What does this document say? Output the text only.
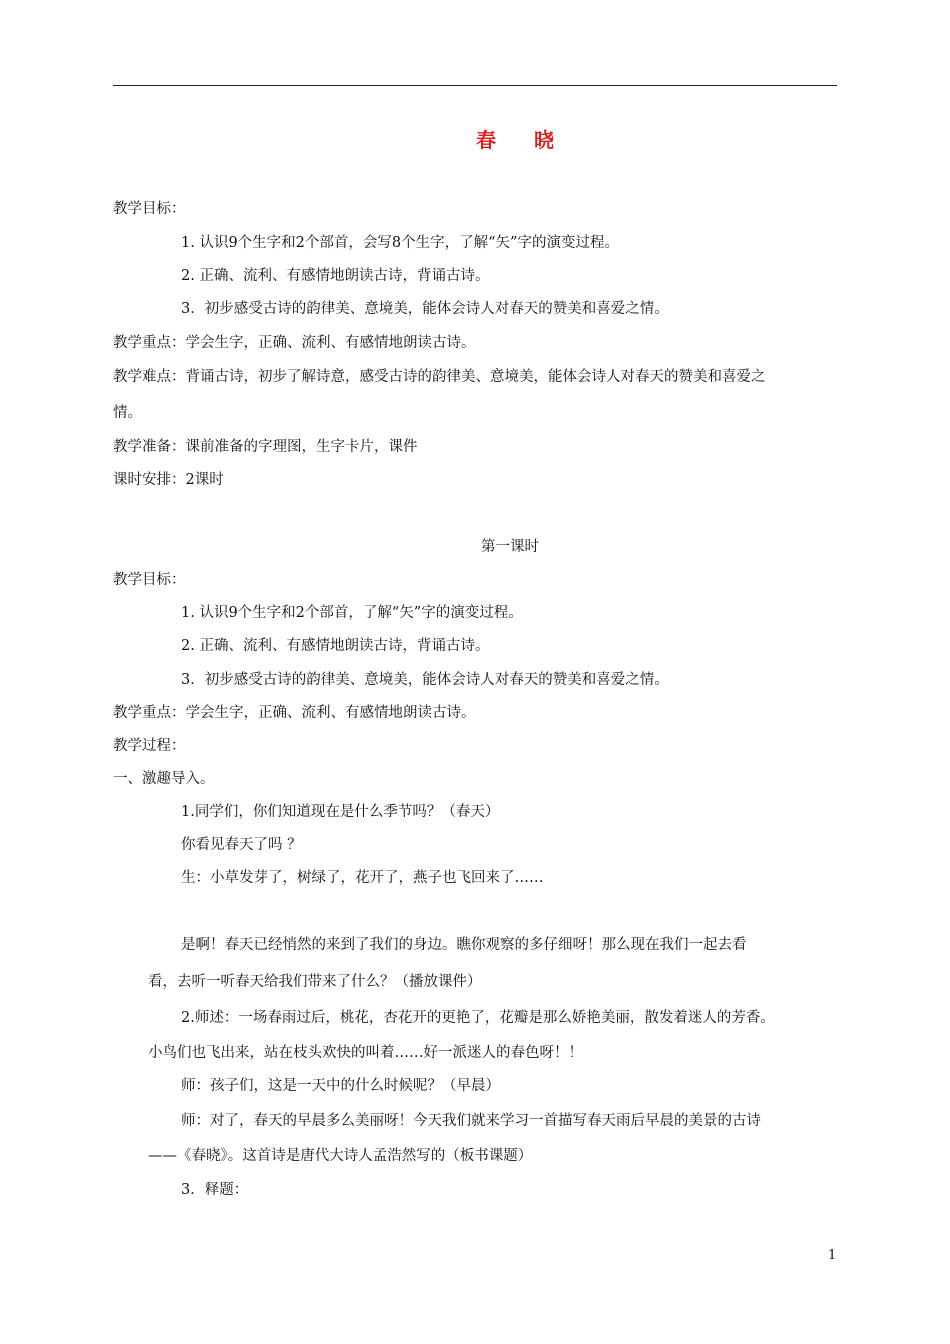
春 晓
教学目标：
1. 认识9个生字和2个部首，会写8个生字，了解“矢”字的演变过程。
2. 正确、流利、有感情地朗读古诗，背诵古诗。
3．初步感受古诗的韵律美、意境美，能体会诗人对春天的赞美和喜爱之情。
教学重点：学会生字，正确、流利、有感情地朗读古诗。
教学难点：背诵古诗，初步了解诗意，感受古诗的韵律美、意境美，能体会诗人对春天的赞美和喜爱之
情。
教学准备：课前准备的字理图，生字卡片，课件
课时安排：2课时
第一课时
教学目标：
1. 认识9个生字和2个部首，了解“矢”字的演变过程。
2. 正确、流利、有感情地朗读古诗，背诵古诗。
3．初步感受古诗的韵律美、意境美，能体会诗人对春天的赞美和喜爱之情。
教学重点：学会生字，正确、流利、有感情地朗读古诗。
教学过程：
一、激趣导入。
1.同学们，你们知道现在是什么季节吗？（春天）
你看见春天了吗 ？
生：小草发芽了，树绿了，花开了，燕子也飞回来了……
是啊！春天已经悄然的来到了我们的身边。瞧你观察的多仔细呀！那么现在我们一起去看
看，去听一听春天给我们带来了什么？（播放课件）
2.师述：一场春雨过后，桃花，杏花开的更艳了，花瓣是那么娇艳美丽，散发着迷人的芳香。
小鸟们也飞出来，站在枝头欢快的叫着……好一派迷人的春色呀！！
师：孩子们，这是一天中的什么时候呢？（早晨）
师：对了，春天的早晨多么美丽呀！今天我们就来学习一首描写春天雨后早晨的美景的古诗
——《春晓》。这首诗是唐代大诗人孟浩然写的（板书课题）
3．释题：
1
